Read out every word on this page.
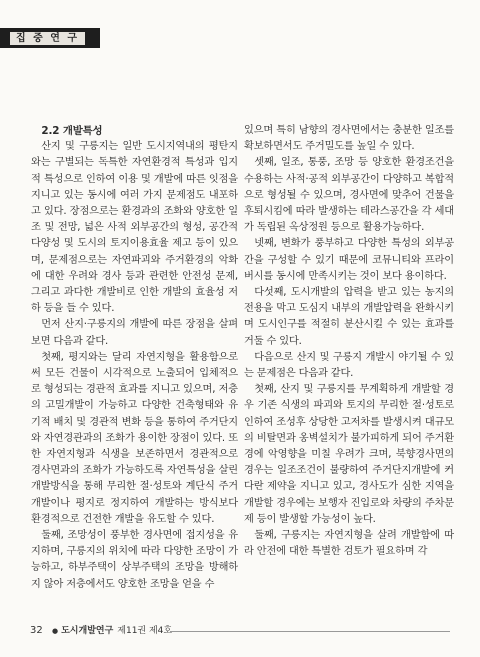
집 중 연 구

2.2 개발특성

산지 및 구릉지는 일반 도시지역내의 평탄지와는 구별되는 독특한 자연환경적 특성과 입지적 특성으로 인하여 이용 및 개발에 따른 잇점을 지니고 있는 동시에 여러 가지 문제점도 내포하고 있다. 장점으로는 환경과의 조화와 양호한 일조 및 전망, 넓은 사적 외부공간의 형성, 공간적 다양성 및 도시의 토지이용효율 제고 등이 있으며, 문제점으로는 자연파괴와 주거환경의 악화에 대한 우려와 경사 등과 관련한 안전성 문제, 그리고 과다한 개발비로 인한 개발의 효율성 저하 등을 들 수 있다.

먼저 산지·구릉지의 개발에 따른 장점을 살펴보면 다음과 같다.

첫째, 평지와는 달리 자연지형을 활용함으로써 모든 건물이 시각적으로 노출되어 입체적으로 형성되는 경관적 효과를 지니고 있으며, 저층의 고밀개발이 가능하고 다양한 건축형태와 유기적 배치 및 경관적 변화 등을 통하여 주거단지와 자연경관과의 조화가 용이한 장점이 있다. 또한 자연지형과 식생을 보존하면서 경관적으로 경사면과의 조화가 가능하도록 자연특성을 살린 개발방식을 통해 무리한 절·성토와 계단식 주거개발이나 평지로 정지하여 개발하는 방식보다 환경적으로 건전한 개발을 유도할 수 있다.

둘째, 조망성이 풍부한 경사면에 접지성을 유지하며, 구릉지의 위치에 따라 다양한 조망이 가능하고, 하부주택이 상부주택의 조망을 방해하지 않아 저층에서도 양호한 조망을 얻을 수

있으며 특히 남향의 경사면에서는 충분한 일조를 확보하면서도 주거밀도를 높일 수 있다.

셋째, 일조, 통풍, 조망 등 양호한 환경조건을 수용하는 사적·공적 외부공간이 다양하고 복합적으로 형성될 수 있으며, 경사면에 맞추어 건물을 후퇴시킴에 따라 발생하는 테라스공간을 각 세대가 독립된 옥상정원 등으로 활용가능하다.

넷째, 변화가 풍부하고 다양한 특성의 외부공간을 구성할 수 있기 때문에 코뮤니티와 프라이버시를 동시에 만족시키는 것이 보다 용이하다.

다섯째, 도시개발의 압력을 받고 있는 농지의 전용을 막고 도심지 내부의 개발압력을 완화시키며 도시인구를 적절히 분산시킬 수 있는 효과를 거둘 수 있다.

다음으로 산지 및 구릉지 개발시 야기될 수 있는 문제점은 다음과 같다.

첫째, 산지 및 구릉지를 무계획하게 개발할 경우 기존 식생의 파괴와 토지의 무리한 절·성토로 인하여 조성후 상당한 고저차를 발생시켜 대규모의 비탈면과 옹벽설치가 불가피하게 되어 주거환경에 악영향을 미칠 우려가 크며, 북향경사면의 경우는 일조조건이 불량하여 주거단지개발에 커다란 제약을 지니고 있고, 경사도가 심한 지역을 개발할 경우에는 보행자 진입로와 차량의 주차문제 등이 발생할 가능성이 높다.

둘째, 구릉지는 자연지형을 살려 개발함에 따라 안전에 대한 특별한 검토가 필요하며 각

32 ● 도시개발연구 제11권 제4호
